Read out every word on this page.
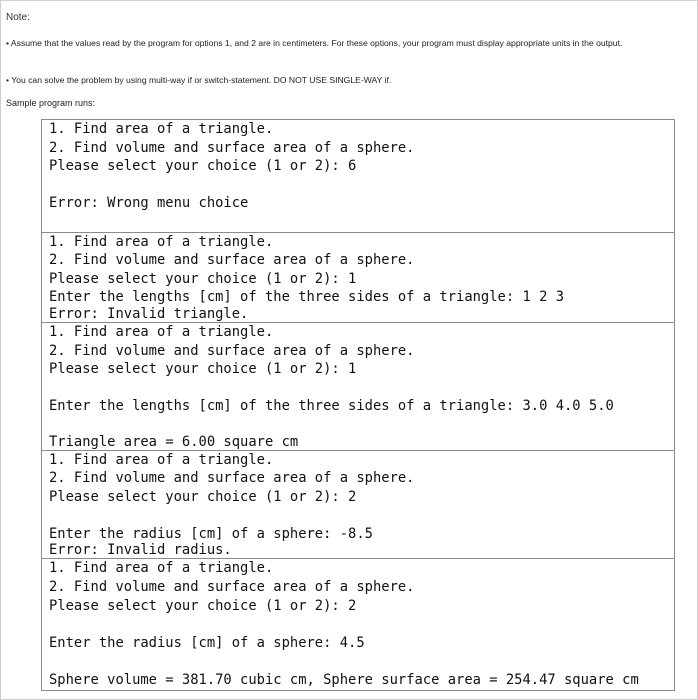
Note:
• Assume that the values read by the program for options 1, and 2 are in centimeters. For these options, your program must display appropriate units in the output.
• You can solve the problem by using multi-way if or switch-statement. DO NOT USE SINGLE-WAY if.
Sample program runs:
1. Find area of a triangle.
2. Find volume and surface area of a sphere.
Please select your choice (1 or 2): 6
Error: Wrong menu choice
1. Find area of a triangle.
2. Find volume and surface area of a sphere.
Please select your choice (1 or 2): 1
Enter the lengths [cm] of the three sides of a triangle: 1 2 3
Error: Invalid triangle.
1. Find area of a triangle.
2. Find volume and surface area of a sphere.
Please select your choice (1 or 2): 1
Enter the lengths [cm] of the three sides of a triangle: 3.0 4.0 5.0
Triangle area = 6.00 square cm
1. Find area of a triangle.
2. Find volume and surface area of a sphere.
Please select your choice (1 or 2): 2
Enter the radius [cm] of a sphere: -8.5
Error: Invalid radius.
1. Find area of a triangle.
2. Find volume and surface area of a sphere.
Please select your choice (1 or 2): 2
Enter the radius [cm] of a sphere: 4.5
Sphere volume = 381.70 cubic cm, Sphere surface area = 254.47 square cm
